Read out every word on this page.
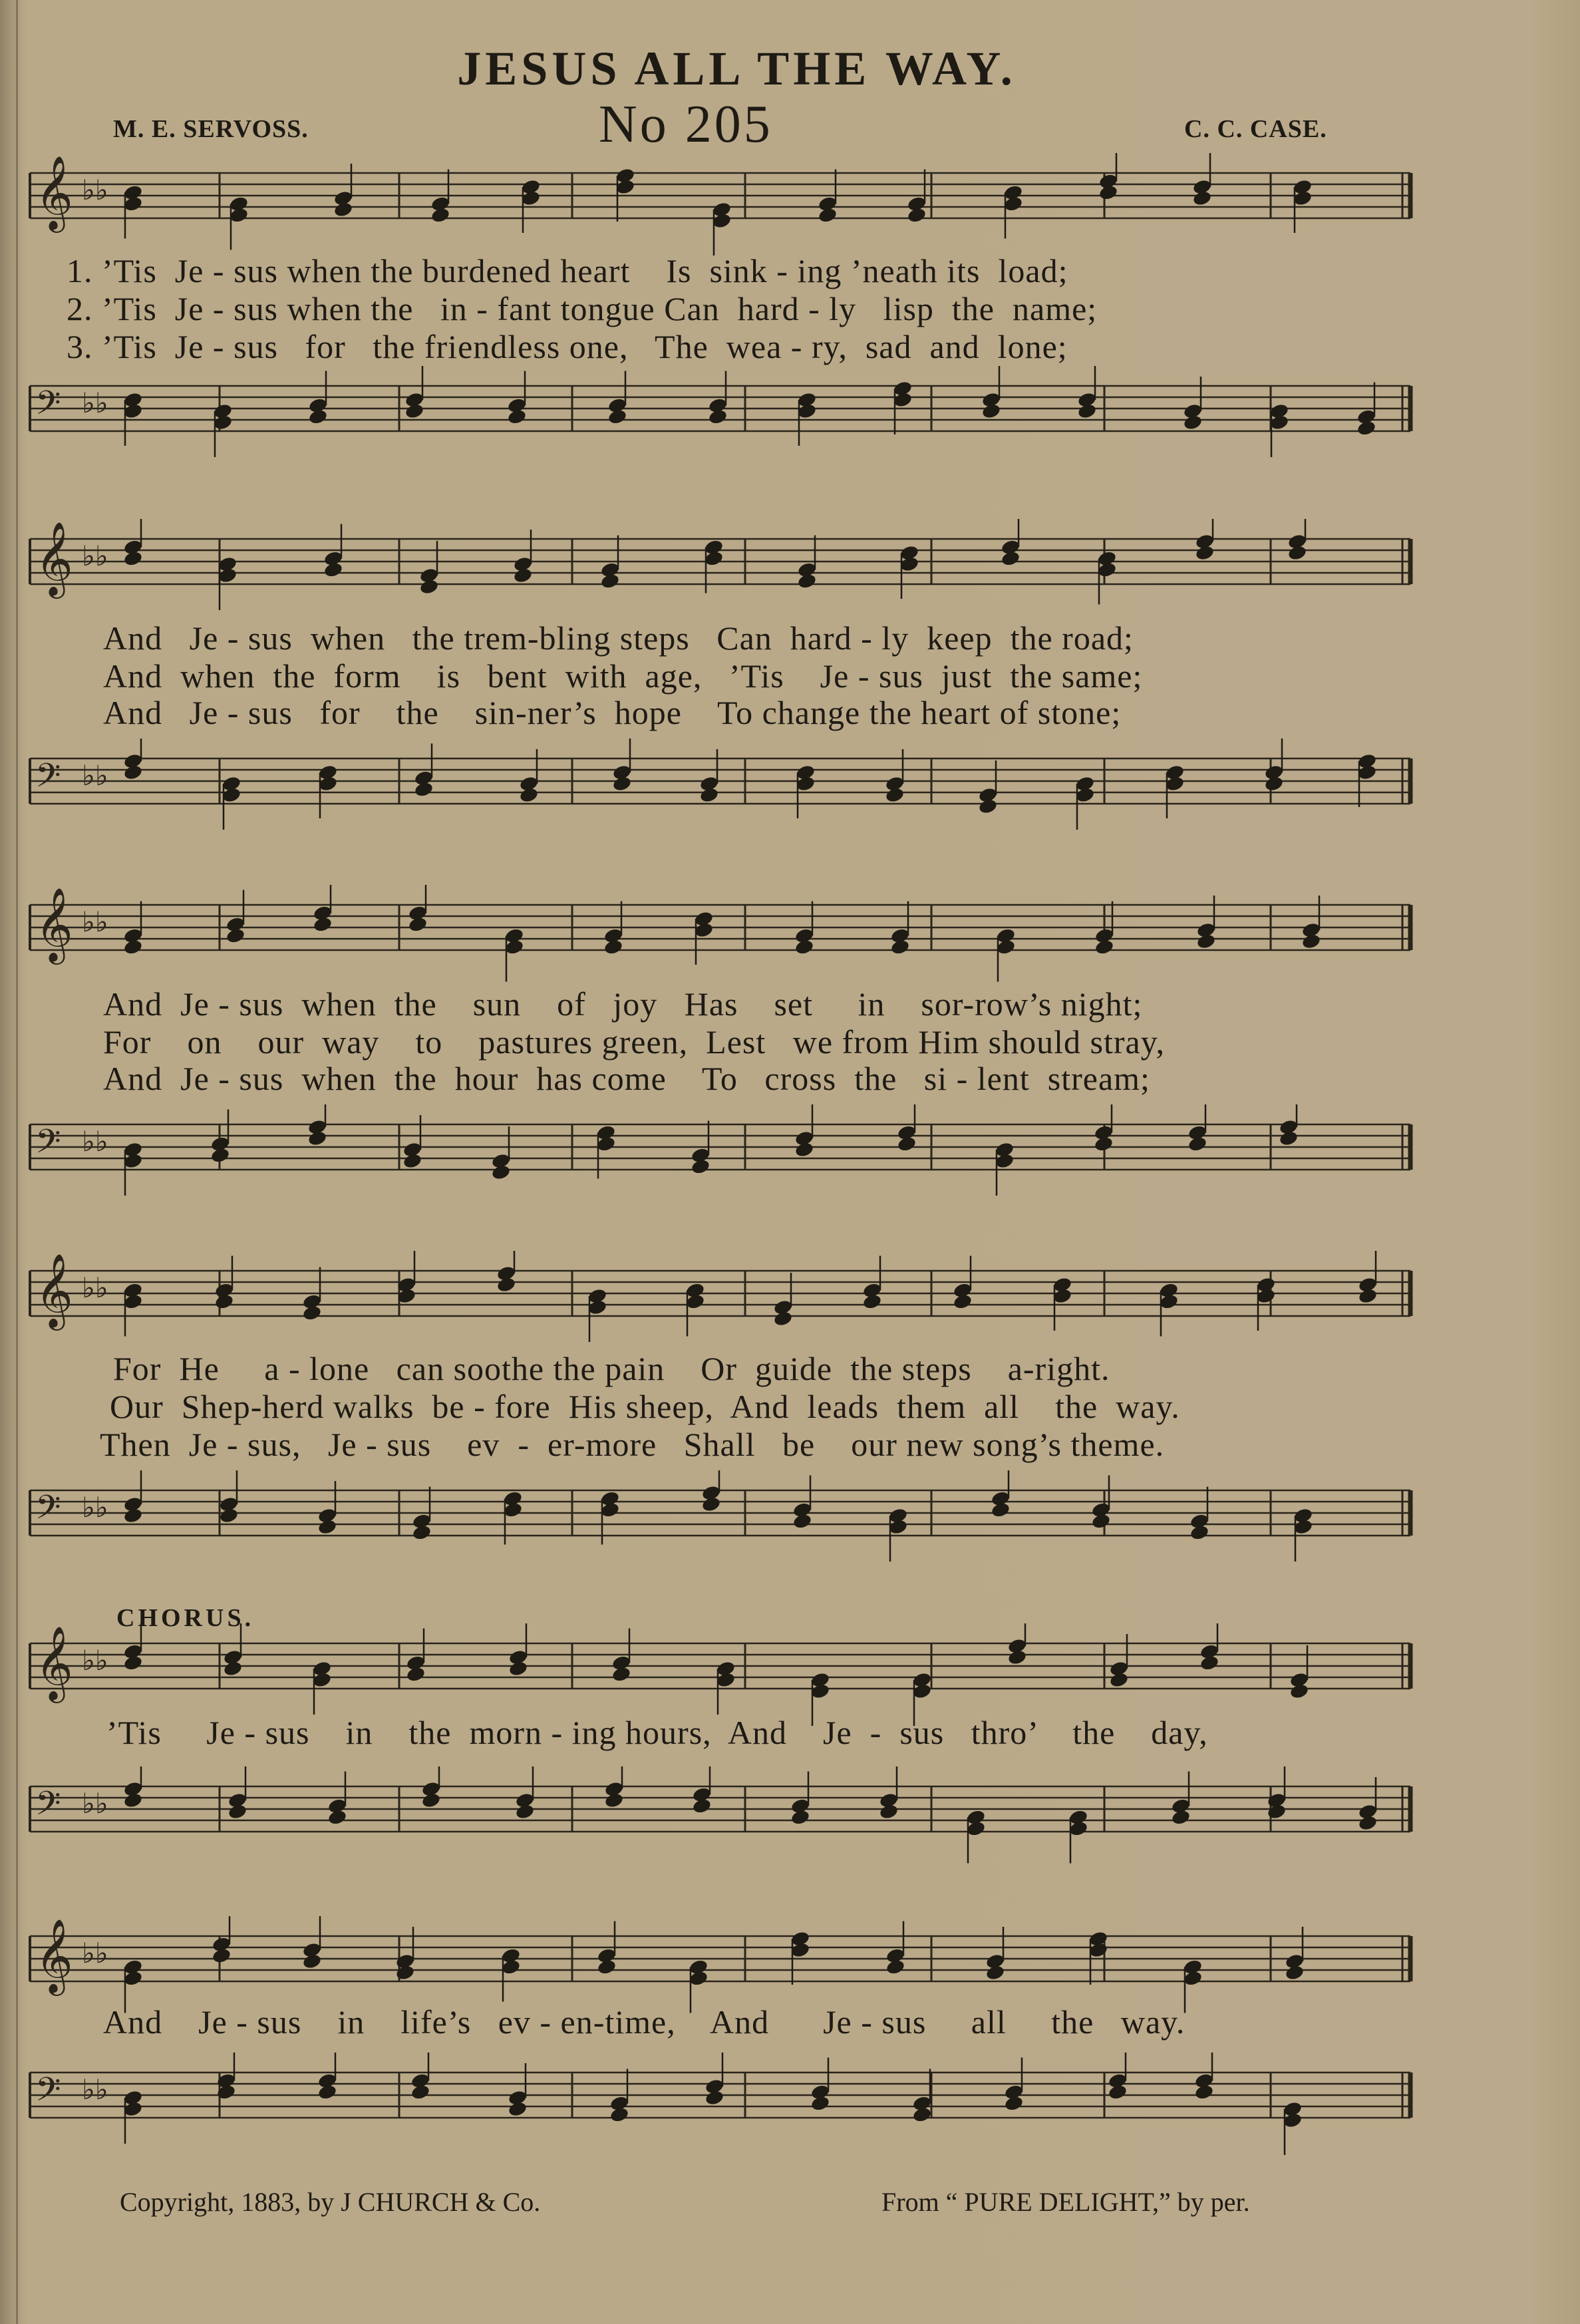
JESUS ALL THE WAY.
No 205
M. E. SERVOSS.	C. C. CASE.
𝄞 ♭♭
1. ’Tis  Je - sus when the burdened heart    Is  sink - ing ’neath its  load;
2. ’Tis  Je - sus when the   in - fant tongue Can  hard - ly   lisp  the  name;
3. ’Tis  Je - sus   for   the friendless one,   The  wea - ry,  sad  and  lone;
𝄢 ♭♭
𝄞 ♭♭
And   Je - sus  when   the trem-bling steps   Can  hard - ly  keep  the road;
And  when  the  form    is   bent  with  age,   ’Tis    Je - sus  just  the same;
And   Je - sus   for    the    sin-ner’s  hope    To change the heart of stone;
𝄢 ♭♭
𝄞 ♭♭
And  Je - sus  when  the    sun    of   joy   Has    set     in    sor-row’s night;
For    on    our  way    to    pastures green,  Lest   we from Him should stray,
And  Je - sus  when  the  hour  has come    To   cross  the   si - lent  stream;
𝄢 ♭♭
𝄞 ♭♭
For  He     a - lone   can soothe the pain    Or  guide  the steps    a-right.
Our  Shep-herd walks  be - fore  His sheep,  And  leads  them  all    the  way.
Then  Je - sus,   Je - sus    ev  -  er-more   Shall   be    our new song’s theme.
𝄢 ♭♭
CHORUS.
𝄞 ♭♭
’Tis     Je - sus    in    the  morn - ing hours,  And    Je  -  sus   thro’    the    day,
𝄢 ♭♭
𝄞 ♭♭
And    Je - sus    in    life’s   ev - en-time,    And      Je - sus     all     the   way.
𝄢 ♭♭
Copyright, 1883, by J CHURCH & Co.	From “ PURE DELIGHT,” by per.
